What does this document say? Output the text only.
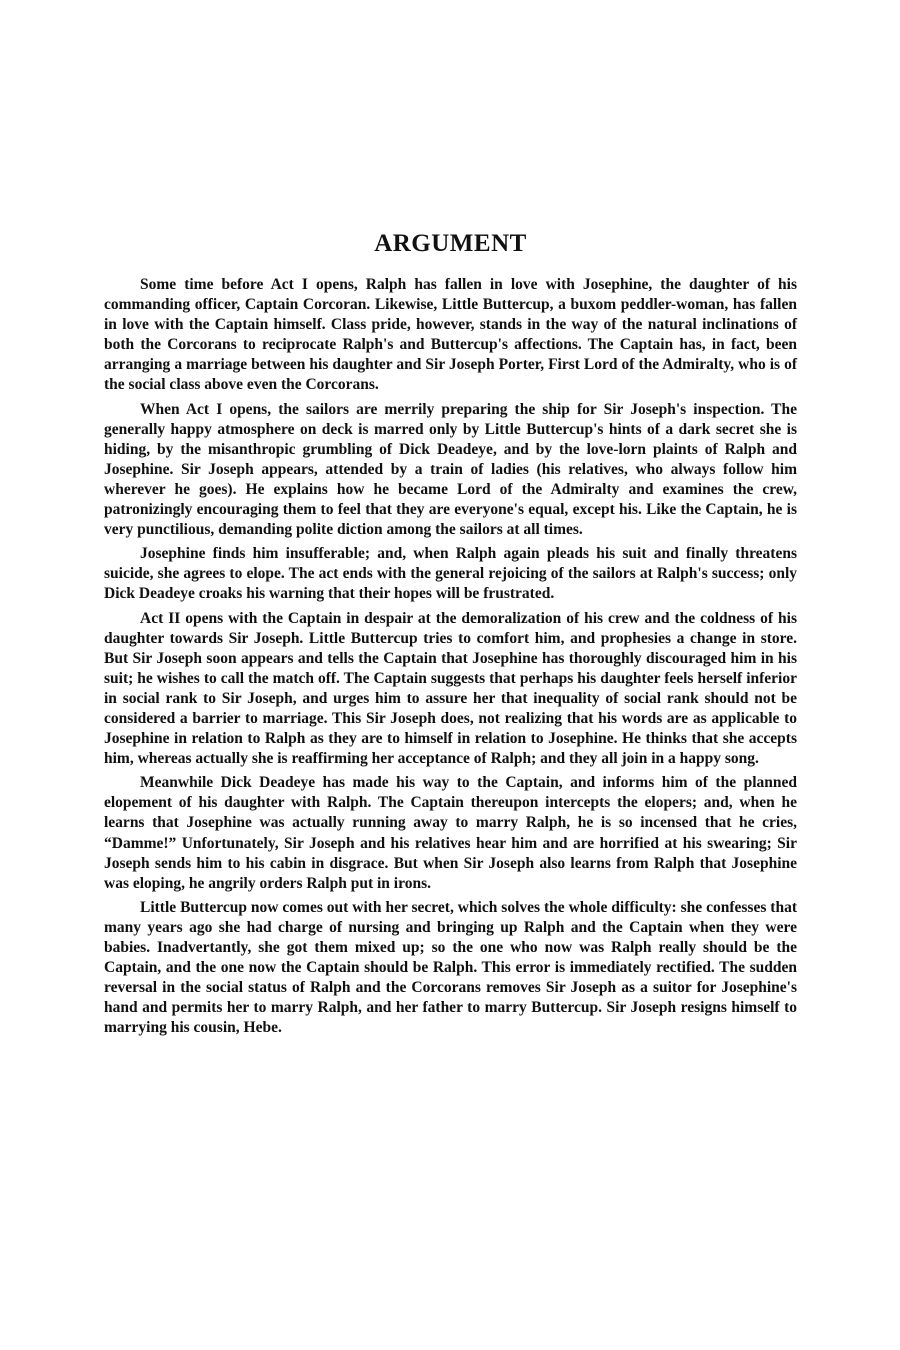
ARGUMENT

Some time before Act I opens, Ralph has fallen in love with Josephine, the daughter of his commanding officer, Captain Corcoran. Likewise, Little Buttercup, a buxom peddler-woman, has fallen in love with the Captain himself. Class pride, however, stands in the way of the natural inclinations of both the Corcorans to reciprocate Ralph's and Buttercup's affections. The Captain has, in fact, been arranging a marriage between his daughter and Sir Joseph Porter, First Lord of the Admiralty, who is of the social class above even the Corcorans.

When Act I opens, the sailors are merrily preparing the ship for Sir Joseph's inspection. The generally happy atmosphere on deck is marred only by Little Buttercup's hints of a dark secret she is hiding, by the misanthropic grumbling of Dick Deadeye, and by the love-lorn plaints of Ralph and Josephine. Sir Joseph appears, attended by a train of ladies (his relatives, who always follow him wherever he goes). He explains how he became Lord of the Admiralty and examines the crew, patronizingly encouraging them to feel that they are everyone's equal, except his. Like the Captain, he is very punctilious, demanding polite diction among the sailors at all times.

Josephine finds him insufferable; and, when Ralph again pleads his suit and finally threatens suicide, she agrees to elope. The act ends with the general rejoicing of the sailors at Ralph's success; only Dick Deadeye croaks his warning that their hopes will be frustrated.

Act II opens with the Captain in despair at the demoralization of his crew and the coldness of his daughter towards Sir Joseph. Little Buttercup tries to comfort him, and prophesies a change in store. But Sir Joseph soon appears and tells the Captain that Josephine has thoroughly discouraged him in his suit; he wishes to call the match off. The Captain suggests that perhaps his daughter feels herself inferior in social rank to Sir Joseph, and urges him to assure her that inequality of social rank should not be considered a barrier to marriage. This Sir Joseph does, not realizing that his words are as applicable to Josephine in relation to Ralph as they are to himself in relation to Josephine. He thinks that she accepts him, whereas actually she is reaffirming her acceptance of Ralph; and they all join in a happy song.

Meanwhile Dick Deadeye has made his way to the Captain, and informs him of the planned elopement of his daughter with Ralph. The Captain thereupon intercepts the elopers; and, when he learns that Josephine was actually running away to marry Ralph, he is so incensed that he cries, “Damme!” Unfortunately, Sir Joseph and his relatives hear him and are horrified at his swearing; Sir Joseph sends him to his cabin in disgrace. But when Sir Joseph also learns from Ralph that Josephine was eloping, he angrily orders Ralph put in irons.

Little Buttercup now comes out with her secret, which solves the whole difficulty: she confesses that many years ago she had charge of nursing and bringing up Ralph and the Captain when they were babies. Inadvertantly, she got them mixed up; so the one who now was Ralph really should be the Captain, and the one now the Captain should be Ralph. This error is immediately rectified. The sudden reversal in the social status of Ralph and the Corcorans removes Sir Joseph as a suitor for Josephine's hand and permits her to marry Ralph, and her father to marry Buttercup. Sir Joseph resigns himself to marrying his cousin, Hebe.
